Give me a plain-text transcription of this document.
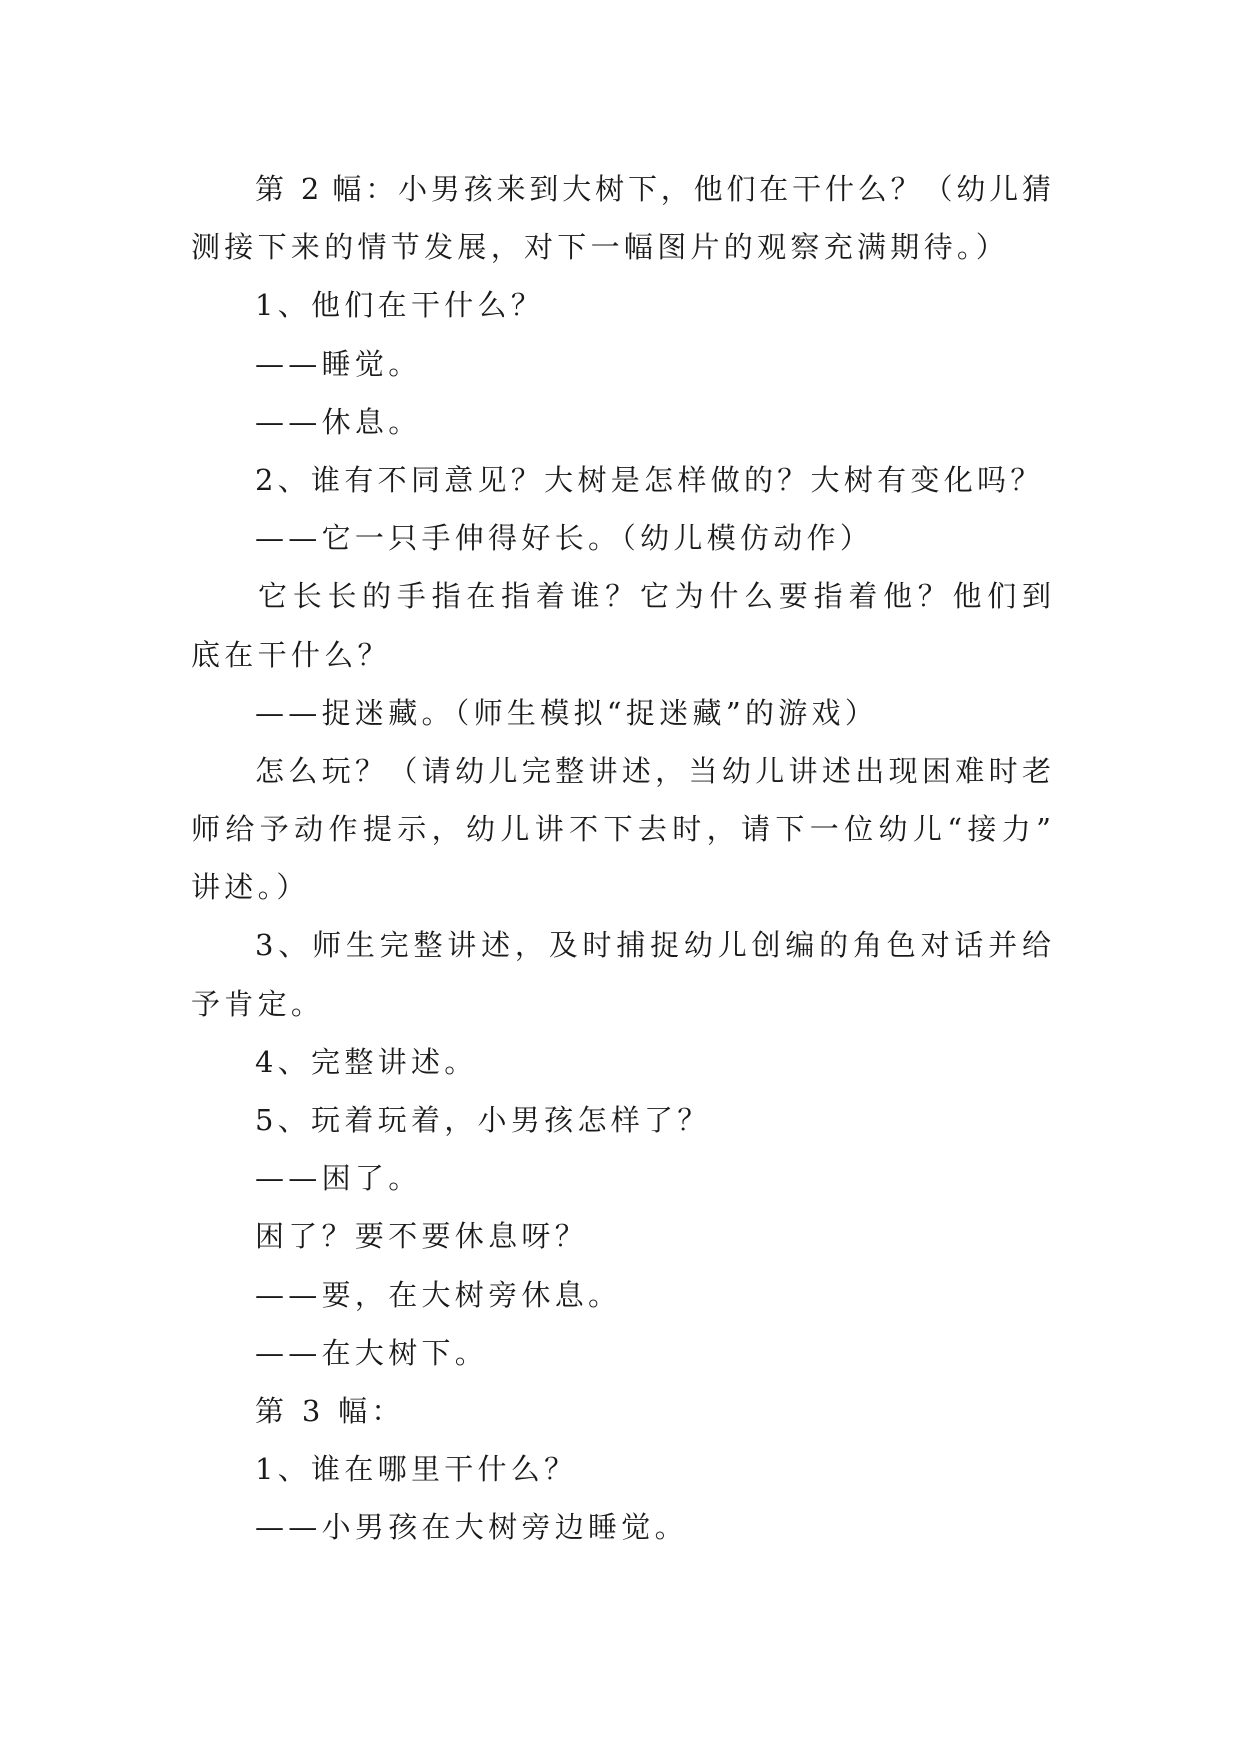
第 2 幅：小男孩来到大树下，他们在干什么？（幼儿猜
测接下来的情节发展，对下一幅图片的观察充满期待。）
1、他们在干什么？
——睡觉。
——休息。
2、谁有不同意见？大树是怎样做的？大树有变化吗？
——它一只手伸得好长。（幼儿模仿动作）
它长长的手指在指着谁？它为什么要指着他？他们到
底在干什么？
——捉迷藏。（师生模拟“捉迷藏”的游戏）
怎么玩？（请幼儿完整讲述，当幼儿讲述出现困难时老
师给予动作提示，幼儿讲不下去时，请下一位幼儿“接力”
讲述。）
3、师生完整讲述，及时捕捉幼儿创编的角色对话并给
予肯定。
4、完整讲述。
5、玩着玩着，小男孩怎样了？
——困了。
困了？要不要休息呀？
——要，在大树旁休息。
——在大树下。
第 3 幅：
1、谁在哪里干什么？
——小男孩在大树旁边睡觉。
